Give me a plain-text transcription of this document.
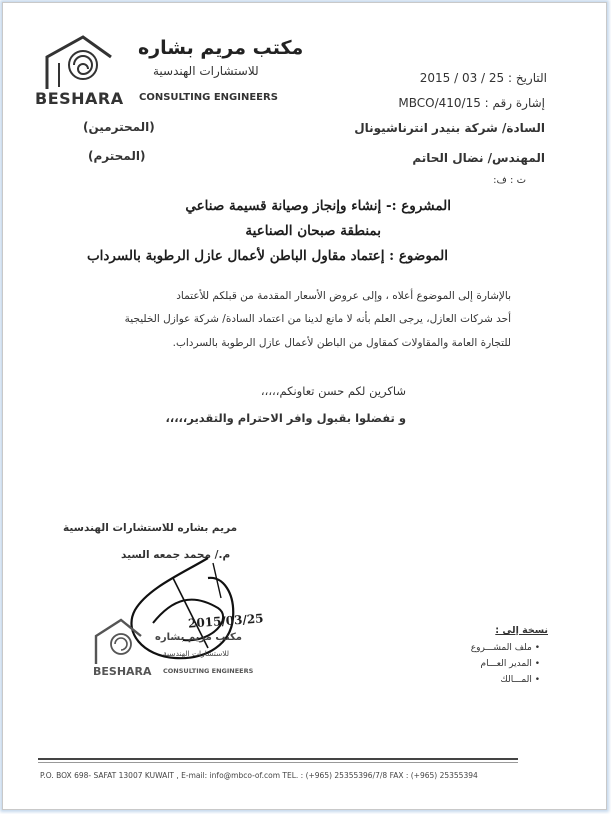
مكتب مريم بشاره
للاستشارات الهندسية
BESHARA CONSULTING ENGINEERS
التاريخ : 25 / 03 / 2015
إشارة رقم : MBCO/410/15
السادة/ شركة بنيدر انترناشيونال
المهندس/ نضال الحاتم
(المحترمين)
(المحترم)
ت : ف:
المشروع :- إنشاء وإنجاز وصيانة قسيمة صناعي
بمنطقة صبحان الصناعية
الموضوع : إعتماد مقاول الباطن لأعمال عازل الرطوبة بالسرداب
بالإشارة إلى الموضوع أعلاه ، وإلى عروض الأسعار المقدمة من قبلكم للأعتماد
أحد شركات العازل، يرجى العلم بأنه لا مانع لدينا من اعتماد السادة/ شركة عوازل الخليجية
للتجارة العامة والمقاولات كمقاول من الباطن لأعمال عازل الرطوبة بالسرداب.
شاكرين لكم حسن تعاونكم،،،،،
و تفضلوا بقبول وافر الاحترام والتقدير،،،،،
مريم بشاره للاستشارات الهندسية
م./ محمد جمعه السيد
2015/03/25
مكتب مريم بشاره
للاستشارات الهندسية
BESHARA CONSULTING ENGINEERS
نسخة إلى :
• ملف المشـــروع
• المدير العـــام
• المـــالك
P.O. BOX 698- SAFAT 13007 KUWAIT , E-mail: info@mbco-of.com TEL. : (+965) 25355396/7/8 FAX : (+965) 25355394
